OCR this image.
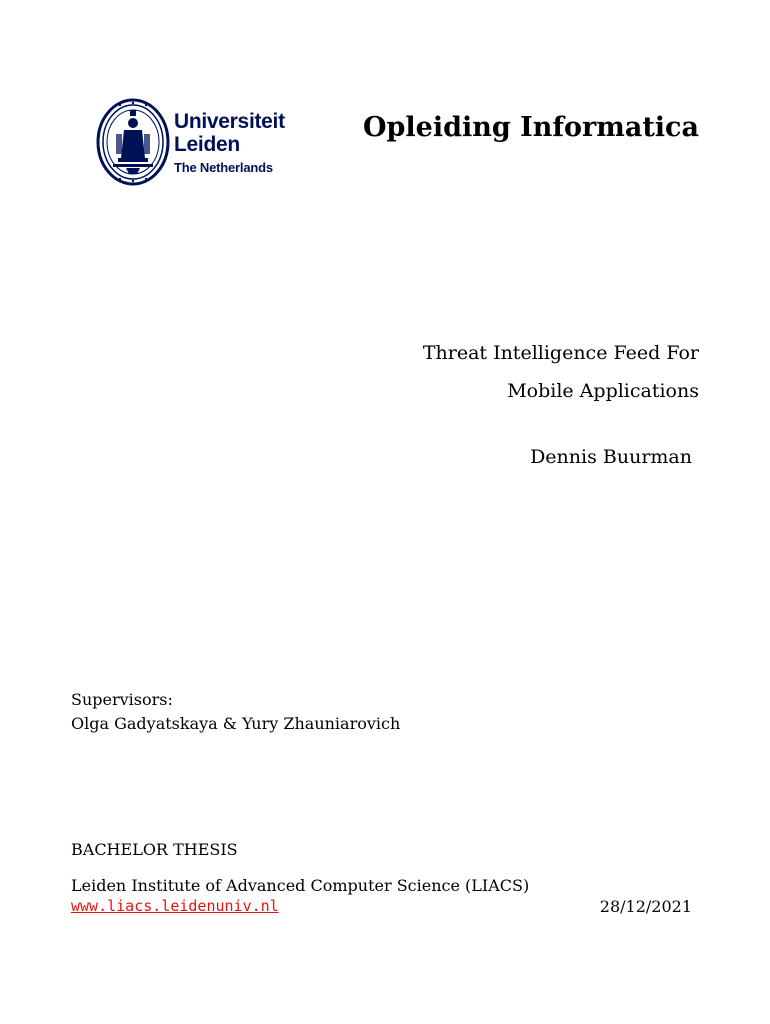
Universiteit
Leiden
The Netherlands
Opleiding Informatica
Threat Intelligence Feed For
Mobile Applications
Dennis Buurman
Supervisors:
Olga Gadyatskaya & Yury Zhauniarovich
BACHELOR THESIS
Leiden Institute of Advanced Computer Science (LIACS)
www.liacs.leidenuniv.nl	28/12/2021
